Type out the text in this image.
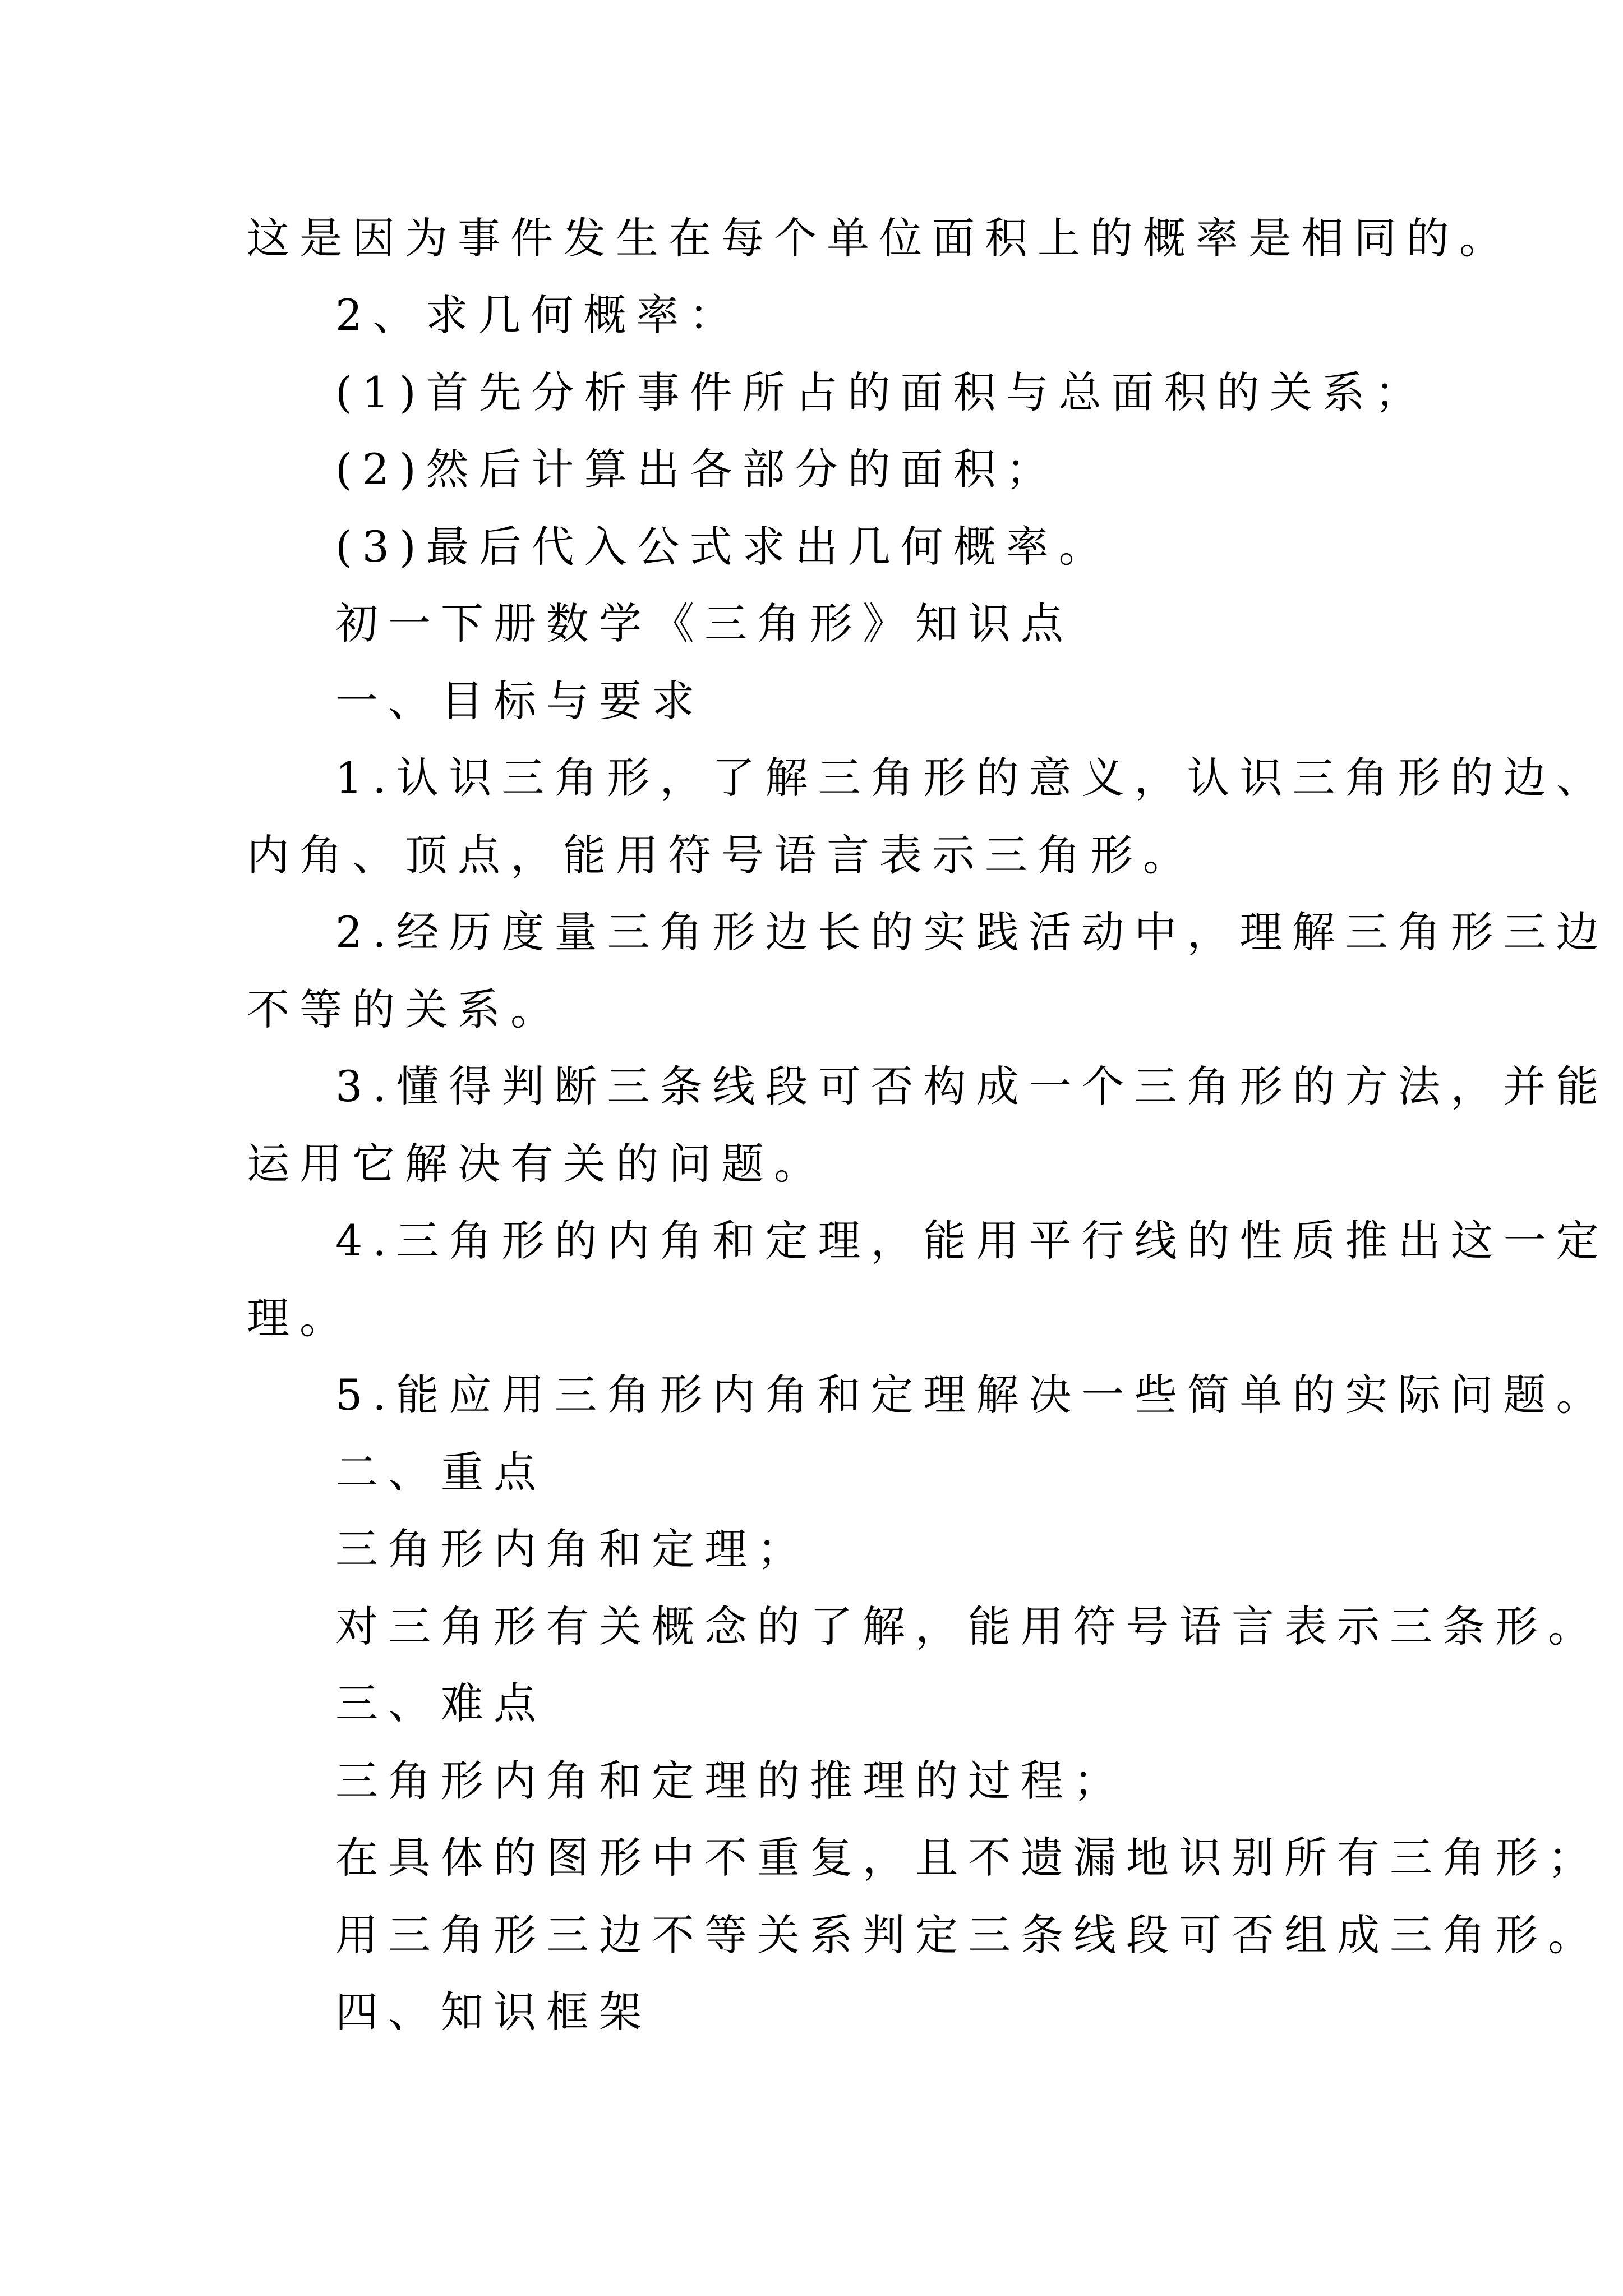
这是因为事件发生在每个单位面积上的概率是相同的。
2、求几何概率：
(1)首先分析事件所占的面积与总面积的关系；
(2)然后计算出各部分的面积；
(3)最后代入公式求出几何概率。
初一下册数学《三角形》知识点
一、目标与要求
1.认识三角形，了解三角形的意义，认识三角形的边、
内角、顶点，能用符号语言表示三角形。
2.经历度量三角形边长的实践活动中，理解三角形三边
不等的关系。
3.懂得判断三条线段可否构成一个三角形的方法，并能
运用它解决有关的问题。
4.三角形的内角和定理，能用平行线的性质推出这一定
理。
5.能应用三角形内角和定理解决一些简单的实际问题。
二、重点
三角形内角和定理；
对三角形有关概念的了解，能用符号语言表示三条形。
三、难点
三角形内角和定理的推理的过程；
在具体的图形中不重复，且不遗漏地识别所有三角形；
用三角形三边不等关系判定三条线段可否组成三角形。
四、知识框架
